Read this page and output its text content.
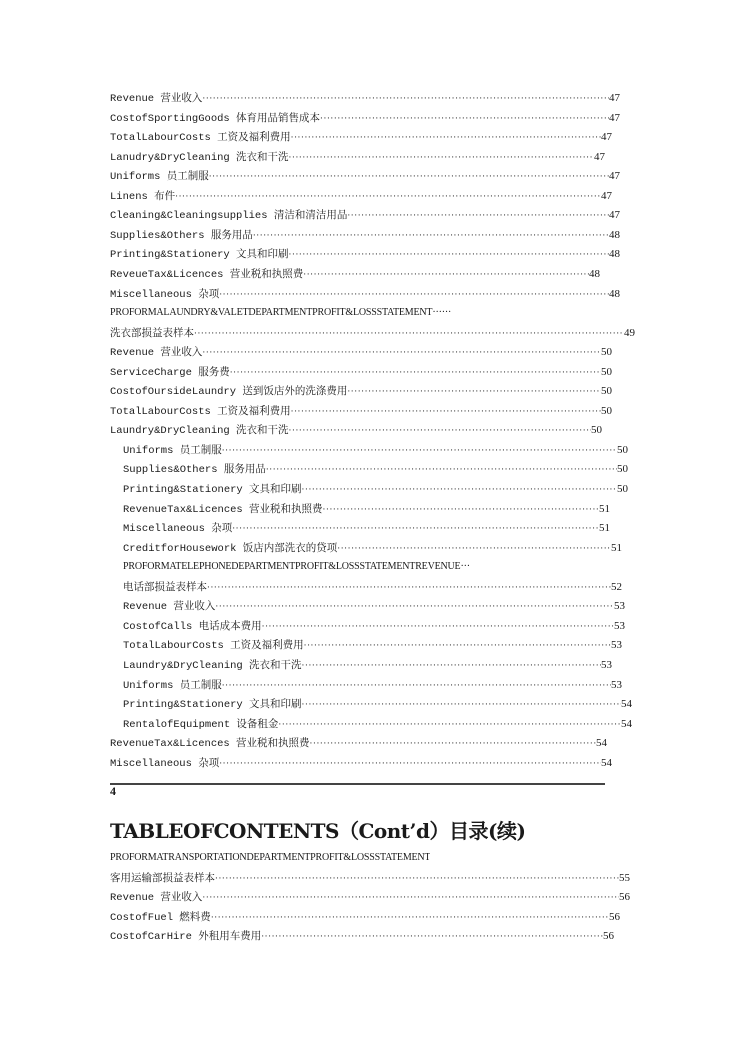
Revenue 营业收入 ·····	47
CostofSportingGoods 体育用品销售成本 ·····	47
TotalLabourCosts 工资及福利费用 ·····	47
Lanudry&DryCleaning 洗衣和干洗 ·····	47
Uniforms 员工制服 ·····	47
Linens 布件 ·····	47
Cleaning&Cleaningsupplies 清洁和清洁用品 ·····	47
Supplies&Others 服务用品 ·····	48
Printing&Stationery 文具和印刷 ·····	48
ReveueTax&Licences 营业税和执照费 ·····	48
Miscellaneous 杂项 ·····	48
PROFORMALAUNDRY&VALETDEPARTMENTPROFIT&LOSSSTATEMENT······
洗衣部损益表样本 ·····	49
Revenue 营业收入 ·····	50
ServiceCharge 服务费 ·····	50
CostofOursideLaundry 送到饭店外的洗涤费用 ·····	50
TotalLabourCosts 工资及福利费用 ·····	50
Laundry&DryCleaning 洗衣和干洗 ·····	50
Uniforms 员工制服 ·····	50
Supplies&Others 服务用品 ·····	50
Printing&Stationery 文具和印刷 ·····	50
RevenueTax&Licences 营业税和执照费 ·····	51
Miscellaneous 杂项 ·····	51
CreditforHousework 饭店内部洗衣的贷项 ·····	51
PROFORMATELEPHONEDEPARTMENTPROFIT&LOSSSTATEMENTREVENUE···
电话部损益表样本 ·····	52
Revenue 营业收入 ·····	53
CostofCalls 电话成本费用 ·····	53
TotalLabourCosts 工资及福利费用 ·····	53
Laundry&DryCleaning 洗衣和干洗 ·····	53
Uniforms 员工制服 ·····	53
Printing&Stationery 文具和印刷 ·····	54
RentalofEquipment 设备租金 ·····	54
RevenueTax&Licences 营业税和执照费 ·····	54
Miscellaneous 杂项 ·····	54
4
TABLEOFCONTENTS（Cont’d）目录(续)
PROFORMATRANSPORTATIONDEPARTMENTPROFIT&LOSSSTATEMENT
客用运输部损益表样本 ·····	55
Revenue 营业收入 ·····	56
CostofFuel 燃料费 ·····	56
CostofCarHire 外租用车费用 ·····	56
